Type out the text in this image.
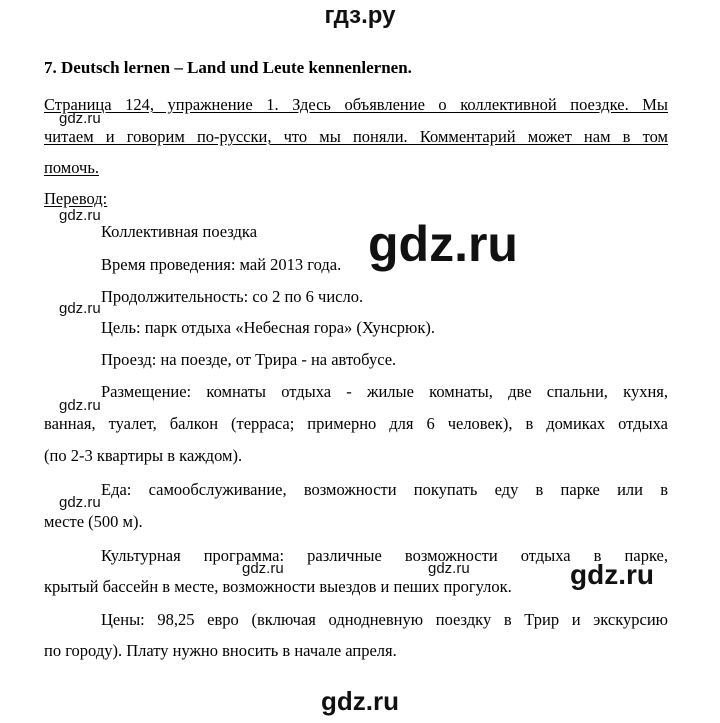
гдз.ру
7. Deutsch lernen – Land und Leute kennenlernen.
Страница 124, упражнение 1. Здесь объявление о коллективной поездке. Мы
читаем и говорим по-русски, что мы поняли. Комментарий может нам в том
помочь.
Перевод:
Коллективная поездка
Время проведения: май 2013 года.
Продолжительность: со 2 по 6 число.
Цель: парк отдыха «Небесная гора» (Хунсрюк).
Проезд: на поезде, от Трира - на автобусе.
Размещение: комнаты отдыха - жилые комнаты, две спальни, кухня,
ванная, туалет, балкон (терраса; примерно для 6 человек), в домиках отдыха
(по 2-3 квартиры в каждом).
Еда: самообслуживание, возможности покупать еду в парке или в
месте (500 м).
Культурная программа: различные возможности отдыха в парке,
крытый бассейн в месте, возможности выездов и пеших прогулок.
Цены: 98,25 евро (включая однодневную поездку в Трир и экскурсию
по городу). Плату нужно вносить в начале апреля.
gdz.ru
gdz.ru
gdz.ru
gdz.ru
gdz.ru
gdz.ru	gdz.ru
gdz.ru
gdz.ru
gdz.ru
